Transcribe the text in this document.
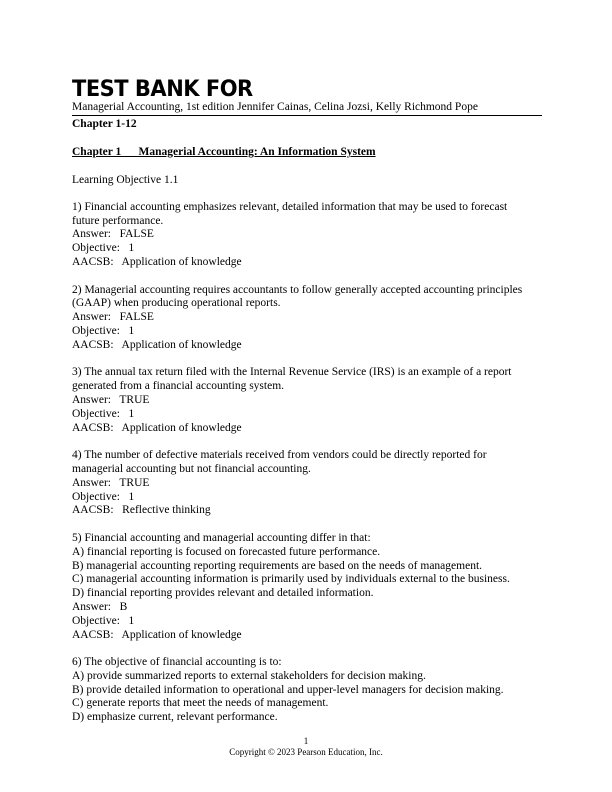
TEST BANK FOR
Managerial Accounting, 1st edition Jennifer Cainas, Celina Jozsi, Kelly Richmond Pope
Chapter 1-12
Chapter 1      Managerial Accounting: An Information System
Learning Objective 1.1
1) Financial accounting emphasizes relevant, detailed information that may be used to forecast
future performance.
Answer:   FALSE
Objective:   1
AACSB:   Application of knowledge
2) Managerial accounting requires accountants to follow generally accepted accounting principles
(GAAP) when producing operational reports.
Answer:   FALSE
Objective:   1
AACSB:   Application of knowledge
3) The annual tax return filed with the Internal Revenue Service (IRS) is an example of a report
generated from a financial accounting system.
Answer:   TRUE
Objective:   1
AACSB:   Application of knowledge
4) The number of defective materials received from vendors could be directly reported for
managerial accounting but not financial accounting.
Answer:   TRUE
Objective:   1
AACSB:   Reflective thinking
5) Financial accounting and managerial accounting differ in that:
A) financial reporting is focused on forecasted future performance.
B) managerial accounting reporting requirements are based on the needs of management.
C) managerial accounting information is primarily used by individuals external to the business.
D) financial reporting provides relevant and detailed information.
Answer:   B
Objective:   1
AACSB:   Application of knowledge
6) The objective of financial accounting is to:
A) provide summarized reports to external stakeholders for decision making.
B) provide detailed information to operational and upper-level managers for decision making.
C) generate reports that meet the needs of management.
D) emphasize current, relevant performance.
1
Copyright © 2023 Pearson Education, Inc.
